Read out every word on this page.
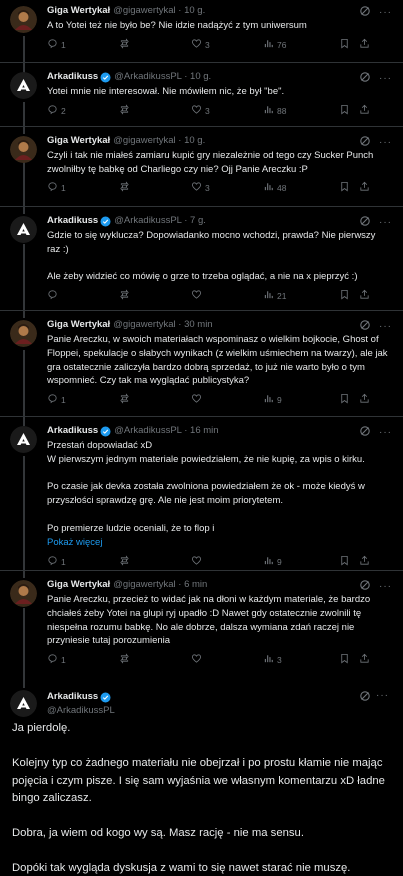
···
Giga Wertykał @gigawertykal · 10 g.
A to Yotei też nie było be? Nie idzie nadążyć z tym uniwersum
1	3	76
···
Arkadikuss @ArkadikussPL · 10 g.
Yotei mnie nie interesował. Nie mówiłem nic, że był "be".
2	3	88
···
Giga Wertykał @gigawertykal · 10 g.
Czyli i tak nie miałeś zamiaru kupić gry niezależnie od tego czy Sucker Punch zwolniłby tę babkę od Charliego czy nie? Ojj Panie Areczku :P
1	3	48
···
Arkadikuss @ArkadikussPL · 7 g.
Gdzie to się wyklucza? Dopowiadanko mocno wchodzi, prawda? Nie pierwszy raz :)

Ale żeby widzieć co mówię o grze to trzeba oglądać, a nie na x pieprzyć :)
21
···
Giga Wertykał @gigawertykal · 30 min
Panie Areczku, w swoich materiałach wspominasz o wielkim bojkocie, Ghost of Floppei, spekulacje o słabych wynikach (z wielkim uśmiechem na twarzy), ale jak gra ostatecznie zaliczyła bardzo dobrą sprzedaż, to już nie warto było o tym wspomnieć. Czy tak ma wyglądać publicystyka?
1	9
···
Arkadikuss @ArkadikussPL · 16 min
Przestań dopowiadać xD
W pierwszym jednym materiale powiedziałem, że nie kupię, za wpis o kirku.

Po czasie jak devka została zwolniona powiedziałem że ok - może kiedyś w przyszłości sprawdzę grę. Ale nie jest moim priorytetem.

Po premierze ludzie oceniali, że to flop i
Pokaż więcej
1	9
···
Giga Wertykał @gigawertykal · 6 min
Panie Areczku, przecież to widać jak na dłoni w każdym materiale, że bardzo chciałeś żeby Yotei na glupi ryj upadło :D Nawet gdy ostatecznie zwolnili tę niespełna rozumu babkę. No ale dobrze, dalsza wymiana zdań raczej nie przyniesie tutaj porozumienia
1	3
Arkadikuss
@ArkadikussPL
···
Ja pierdolę.

Kolejny typ co żadnego materiału nie obejrzał i po prostu kłamie nie mając pojęcia i czym pisze. I się sam wyjaśnia we własnym komentarzu xD ładne bingo zaliczasz.

Dobra, ja wiem od kogo wy są. Masz rację - nie ma sensu.

Dopóki tak wygląda dyskusja z wami to się nawet starać nie muszę.
